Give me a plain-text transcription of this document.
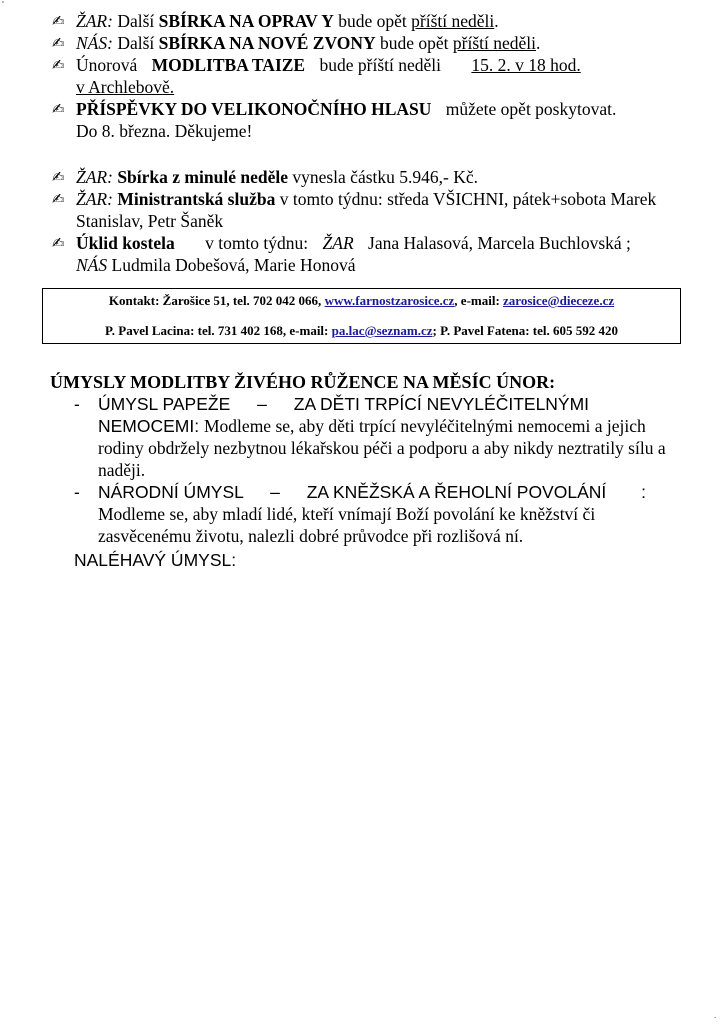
'
.
✍ ŽAR: Další SBÍRKA NA OPRAV Y bude opět příští neděli.
✍ NÁS: Další SBÍRKA NA NOVÉ ZVONY bude opět příští neděli.
✍ Únorová MODLITBA TAIZE bude příští neděli 15. 2. v 18 hod.
v Archlebově.
✍ PŘÍSPĚVKY DO VELIKONOČNÍHO HLASU můžete opět poskytovat.
Do 8. března. Děkujeme!
✍ ŽAR: Sbírka z minulé neděle vynesla částku 5.946,- Kč.
✍ ŽAR: Ministrantská služba v tomto týdnu: středa VŠICHNI, pátek+sobota Marek
Stanislav, Petr Šaněk
✍ Úklid kostela v tomto týdnu: ŽAR Jana Halasová, Marcela Buchlovská ;
NÁS Ludmila Dobešová, Marie Honová
Kontakt: Žarošice 51, tel. 702 042 066, www.farnostzarosice.cz, e-mail: zarosice@dieceze.cz
P. Pavel Lacina: tel. 731 402 168, e-mail: pa.lac@seznam.cz; P. Pavel Fatena: tel. 605 592 420
ÚMYSLY MODLITBY ŽIVÉHO RŮŽENCE NA MĚSÍC ÚNOR:
- ÚMYSL PAPEŽE – ZA DĚTI TRPÍCÍ NEVYLÉČITELNÝMI
NEMOCEMI: Modleme se, aby děti trpící nevyléčitelnými nemocemi a jejich rodiny obdržely nezbytnou lékařskou péči a podporu a aby nikdy neztratily sílu a naději.
- NÁRODNÍ ÚMYSL – ZA KNĚŽSKÁ A ŘEHOLNÍ POVOLÁNÍ :
Modleme se, aby mladí lidé, kteří vnímají Boží povolání ke kněžství či zasvěcenému životu, nalezli dobré průvodce při rozlišová ní.
NALÉHAVÝ ÚMYSL:
